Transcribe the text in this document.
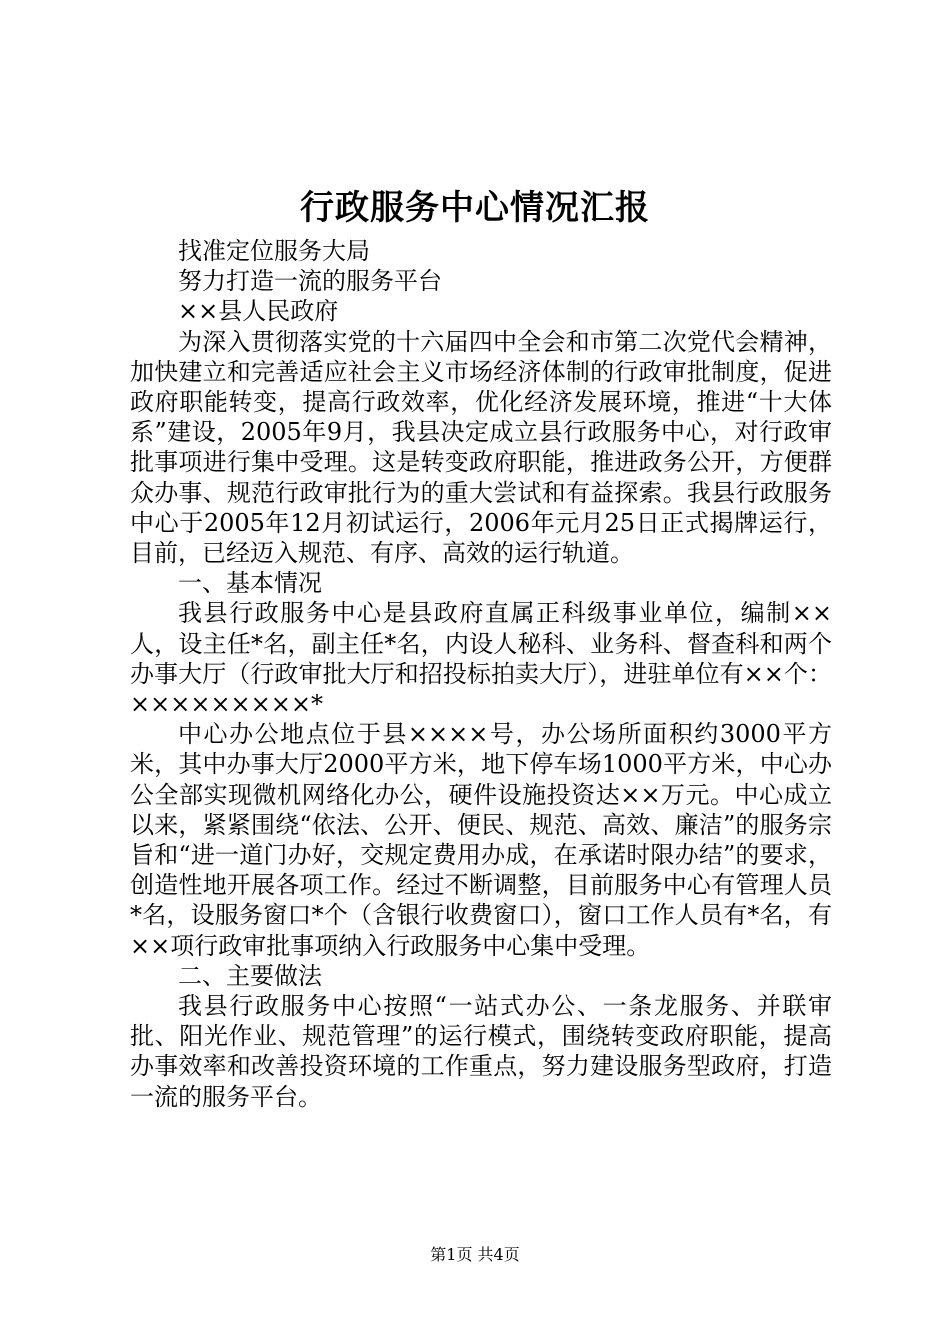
行政服务中心情况汇报

找准定位服务大局

努力打造一流的服务平台

××县人民政府

为深入贯彻落实党的十六届四中全会和市第二次党代会精神，加快建立和完善适应社会主义市场经济体制的行政审批制度，促进政府职能转变，提高行政效率，优化经济发展环境，推进“十大体系”建设，2005年9月，我县决定成立县行政服务中心，对行政审批事项进行集中受理。这是转变政府职能，推进政务公开，方便群众办事、规范行政审批行为的重大尝试和有益探索。我县行政服务中心于2005年12月初试运行，2006年元月25日正式揭牌运行，目前，已经迈入规范、有序、高效的运行轨道。

一、基本情况

我县行政服务中心是县政府直属正科级事业单位，编制××人，设主任*名，副主任*名，内设人秘科、业务科、督查科和两个办事大厅（行政审批大厅和招投标拍卖大厅），进驻单位有××个：×××××××××*

中心办公地点位于县××××号，办公场所面积约3000平方米，其中办事大厅2000平方米，地下停车场1000平方米，中心办公全部实现微机网络化办公，硬件设施投资达××万元。中心成立以来，紧紧围绕“依法、公开、便民、规范、高效、廉洁”的服务宗旨和“进一道门办好，交规定费用办成，在承诺时限办结”的要求，创造性地开展各项工作。经过不断调整，目前服务中心有管理人员*名，设服务窗口*个（含银行收费窗口），窗口工作人员有*名，有××项行政审批事项纳入行政服务中心集中受理。

二、主要做法

我县行政服务中心按照“一站式办公、一条龙服务、并联审批、阳光作业、规范管理”的运行模式，围绕转变政府职能，提高办事效率和改善投资环境的工作重点，努力建设服务型政府，打造一流的服务平台。

第1页 共4页
